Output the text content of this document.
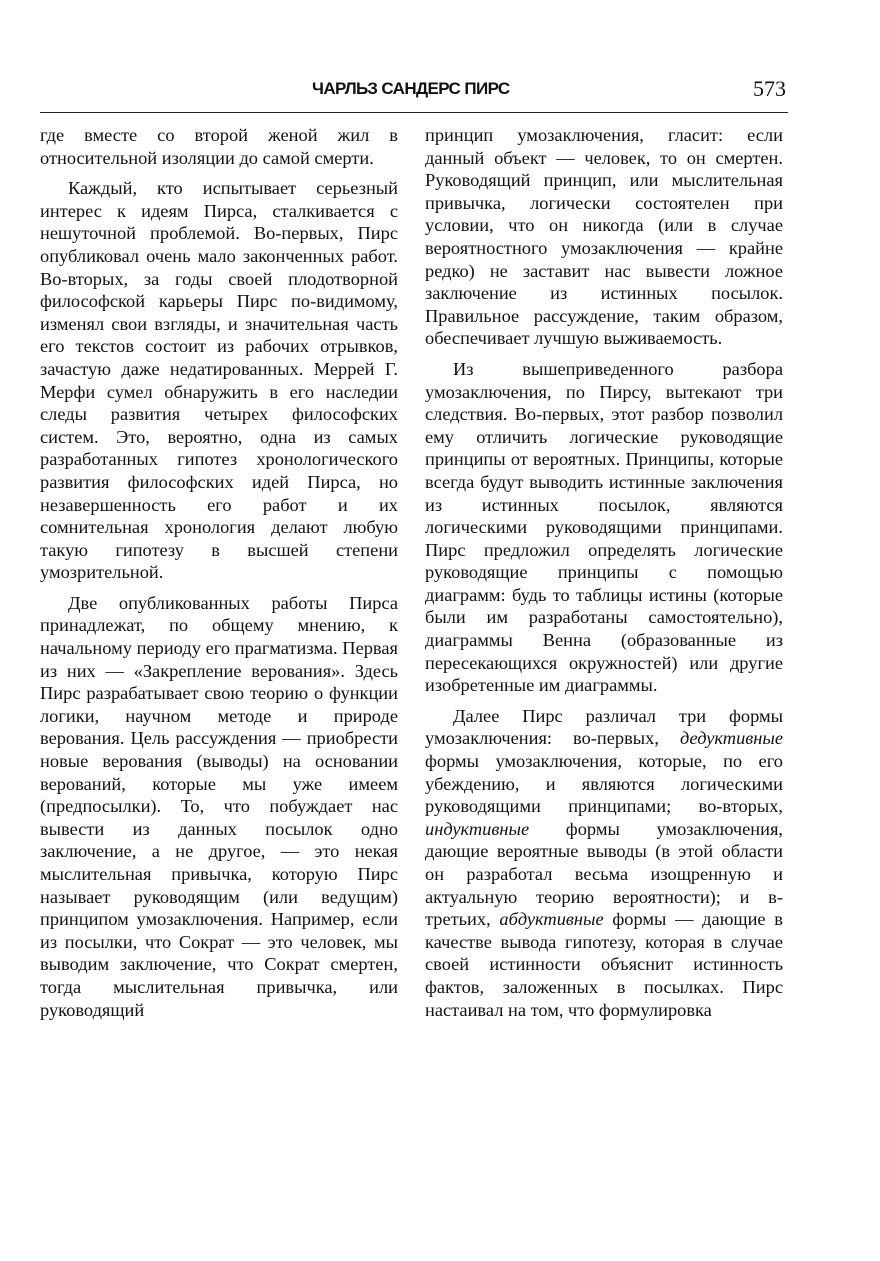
ЧАРЛЬЗ САНДЕРС ПИРС	573

где вместе со второй женой жил в относительной изоляции до самой смерти.

Каждый, кто испытывает серьезный интерес к идеям Пирса, сталкивается с нешуточной проблемой. Во-первых, Пирс опубликовал очень мало законченных работ. Во-вторых, за годы своей плодотворной философской карьеры Пирс по-видимому, изменял свои взгляды, и значительная часть его текстов состоит из рабочих отрывков, зачастую даже недатированных. Меррей Г. Мерфи сумел обнаружить в его наследии следы развития четырех философских систем. Это, вероятно, одна из самых разработанных гипотез хронологического развития философских идей Пирса, но незавершенность его работ и их сомнительная хронология делают любую такую гипотезу в высшей степени умозрительной.

Две опубликованных работы Пирса принадлежат, по общему мнению, к начальному периоду его прагматизма. Первая из них — «Закрепление верования». Здесь Пирс разрабатывает свою теорию о функции логики, научном методе и природе верования. Цель рассуждения — приобрести новые верования (выводы) на основании верований, которые мы уже имеем (предпосылки). То, что побуждает нас вывести из данных посылок одно заключение, а не другое, — это некая мыслительная привычка, которую Пирс называет руководящим (или ведущим) принципом умозаключения. Например, если из посылки, что Сократ — это человек, мы выводим заключение, что Сократ смертен, тогда мыслительная привычка, или руководящий

принцип умозаключения, гласит: если данный объект — человек, то он смертен. Руководящий принцип, или мыслительная привычка, логически состоятелен при условии, что он никогда (или в случае вероятностного умозаключения — крайне редко) не заставит нас вывести ложное заключение из истинных посылок. Правильное рассуждение, таким образом, обеспечивает лучшую выживаемость.

Из вышеприведенного разбора умозаключения, по Пирсу, вытекают три следствия. Во-первых, этот разбор позволил ему отличить логические руководящие принципы от вероятных. Принципы, которые всегда будут выводить истинные заключения из истинных посылок, являются логическими руководящими принципами. Пирс предложил определять логические руководящие принципы с помощью диаграмм: будь то таблицы истины (которые были им разработаны самостоятельно), диаграммы Венна (образованные из пересекающихся окружностей) или другие изобретенные им диаграммы.

Далее Пирс различал три формы умозаключения: во-первых, дедуктивные формы умозаключения, которые, по его убеждению, и являются логическими руководящими принципами; во-вторых, индуктивные формы умозаключения, дающие вероятные выводы (в этой области он разработал весьма изощренную и актуальную теорию вероятности); и в-третьих, абдуктивные формы — дающие в качестве вывода гипотезу, которая в случае своей истинности объяснит истинность фактов, заложенных в посылках. Пирс настаивал на том, что формулировка
